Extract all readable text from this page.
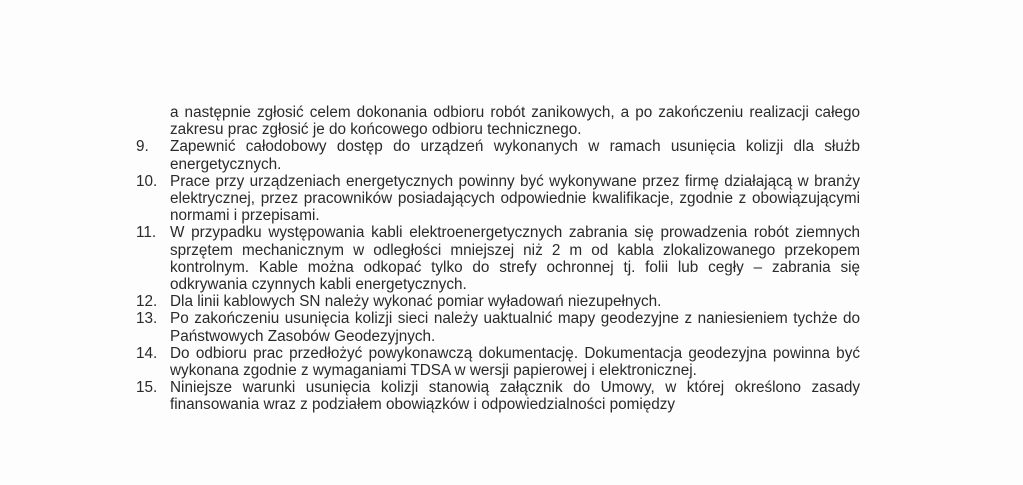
a następnie zgłosić celem dokonania odbioru robót zanikowych, a po zakończeniu realizacji całego zakresu prac zgłosić je do końcowego odbioru technicznego.
9.	Zapewnić całodobowy dostęp do urządzeń wykonanych w ramach usunięcia kolizji dla służb energetycznych.
10. Prace przy urządzeniach energetycznych powinny być wykonywane przez firmę działającą w branży elektrycznej, przez pracowników posiadających odpowiednie kwalifikacje, zgodnie z obowiązującymi normami i przepisami.
11. W przypadku występowania kabli elektroenergetycznych zabrania się prowadzenia robót ziemnych sprzętem mechanicznym w odległości mniejszej niż 2 m od kabla zlokalizowanego przekopem kontrolnym. Kable można odkopać tylko do strefy ochronnej tj. folii lub cegły – zabrania się odkrywania czynnych kabli energetycznych.
12. Dla linii kablowych SN należy wykonać pomiar wyładowań niezupełnych.
13. Po zakończeniu usunięcia kolizji sieci należy uaktualnić mapy geodezyjne z naniesieniem tychże do Państwowych Zasobów Geodezyjnych.
14. Do odbioru prac przedłożyć powykonawczą dokumentację. Dokumentacja geodezyjna powinna być wykonana zgodnie z wymaganiami TDSA w wersji papierowej i elektronicznej.
15. Niniejsze warunki usunięcia kolizji stanowią załącznik do Umowy, w której określono zasady finansowania wraz z podziałem obowiązków i odpowiedzialności pomiędzy
